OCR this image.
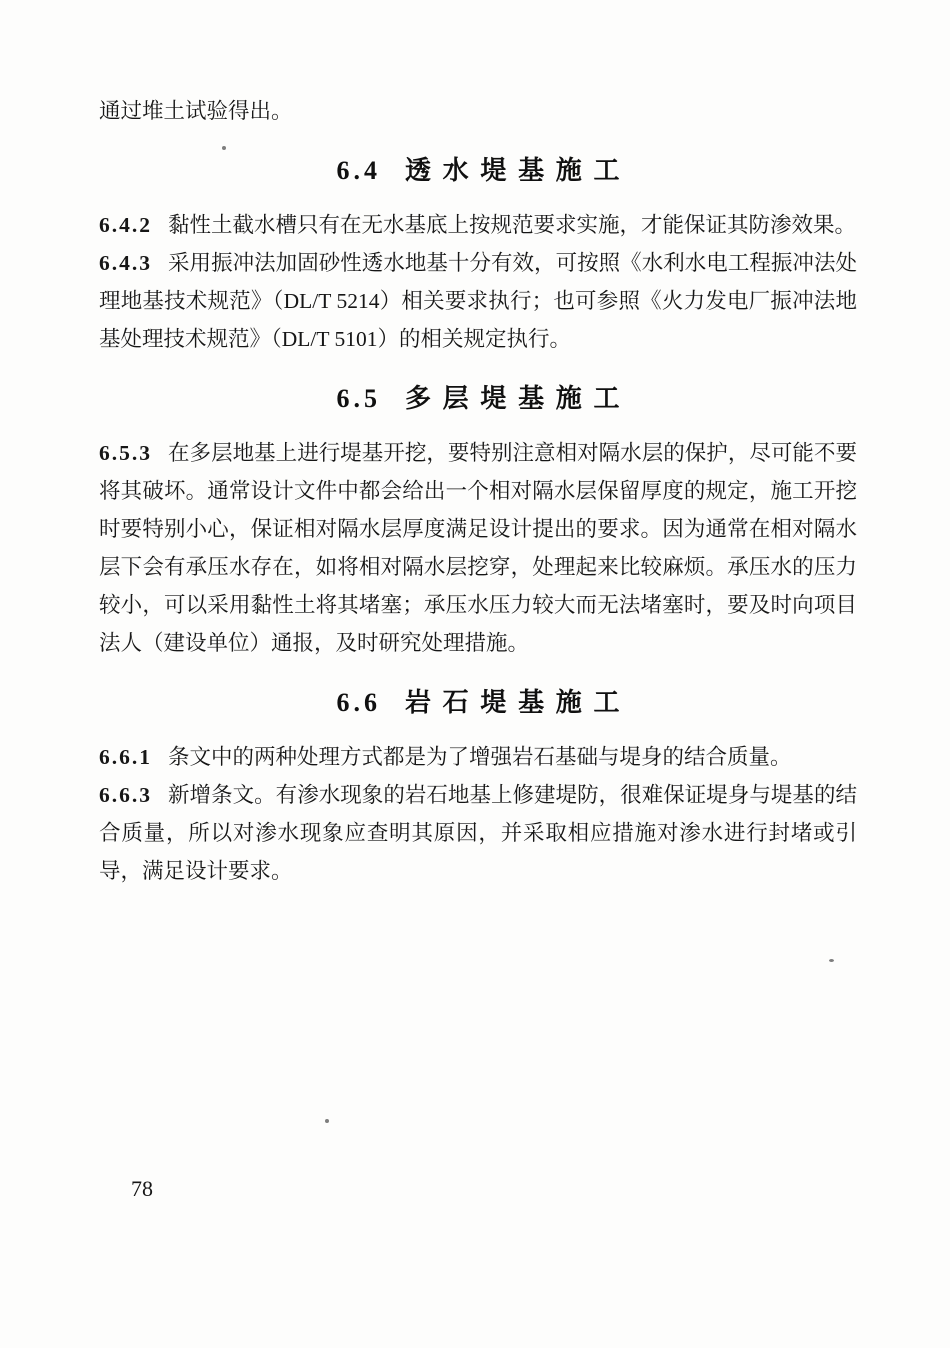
通过堆土试验得出。

6.4 透水堤基施工

6.4.2 黏性土截水槽只有在无水基底上按规范要求实施，才能保证其防渗效果。

6.4.3 采用振冲法加固砂性透水地基十分有效，可按照《水利水电工程振冲法处理地基技术规范》（DL/T 5214）相关要求执行；也可参照《火力发电厂振冲法地基处理技术规范》（DL/T 5101）的相关规定执行。

6.5 多层堤基施工

6.5.3 在多层地基上进行堤基开挖，要特别注意相对隔水层的保护，尽可能不要将其破坏。通常设计文件中都会给出一个相对隔水层保留厚度的规定，施工开挖时要特别小心，保证相对隔水层厚度满足设计提出的要求。因为通常在相对隔水层下会有承压水存在，如将相对隔水层挖穿，处理起来比较麻烦。承压水的压力较小，可以采用黏性土将其堵塞；承压水压力较大而无法堵塞时，要及时向项目法人（建设单位）通报，及时研究处理措施。

6.6 岩石堤基施工

6.6.1 条文中的两种处理方式都是为了增强岩石基础与堤身的结合质量。

6.6.3 新增条文。有渗水现象的岩石地基上修建堤防，很难保证堤身与堤基的结合质量，所以对渗水现象应查明其原因，并采取相应措施对渗水进行封堵或引导，满足设计要求。

78
